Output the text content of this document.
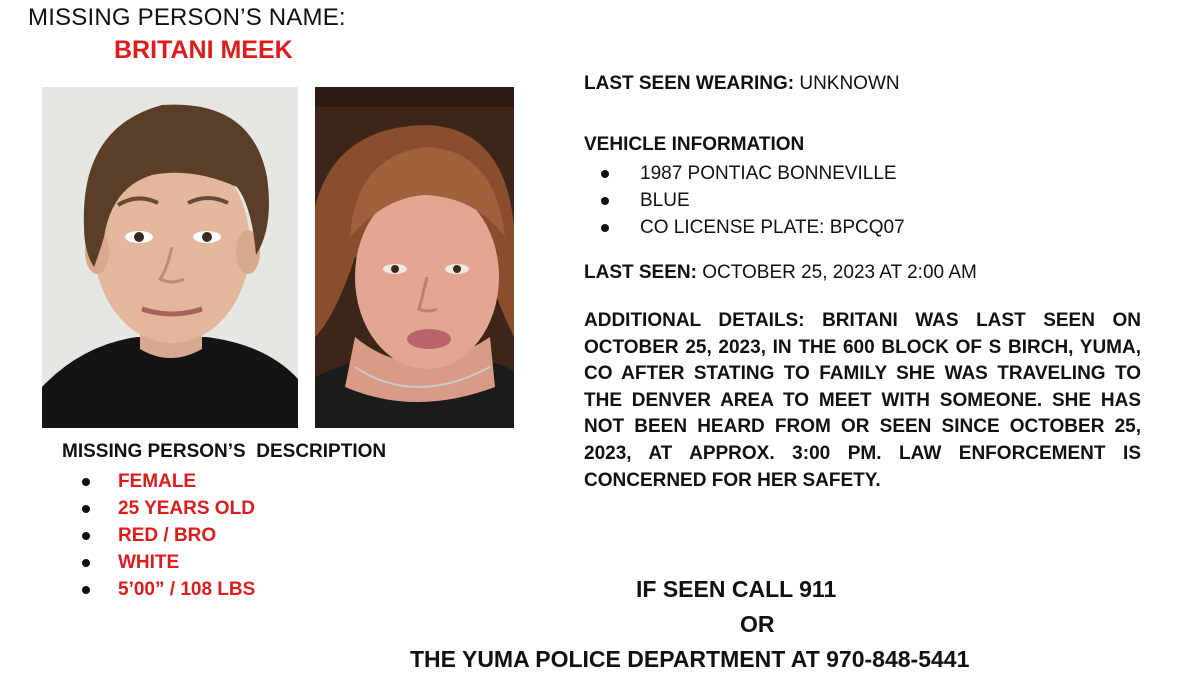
MISSING PERSON’S NAME:
BRITANI MEEK
MISSING PERSON’S  DESCRIPTION
FEMALE
25 YEARS OLD
RED / BRO
WHITE
5’00” / 108 LBS
LAST SEEN WEARING: UNKNOWN
VEHICLE INFORMATION
1987 PONTIAC BONNEVILLE
BLUE
CO LICENSE PLATE: BPCQ07
LAST SEEN: OCTOBER 25, 2023 AT 2:00 AM
ADDITIONAL DETAILS: BRITANI WAS LAST SEEN ON OCTOBER 25, 2023, IN THE 600 BLOCK OF S BIRCH, YUMA, CO AFTER STATING TO FAMILY SHE WAS TRAVELING TO THE DENVER AREA TO MEET WITH SOMEONE. SHE HAS NOT BEEN HEARD FROM OR SEEN SINCE OCTOBER 25, 2023, AT APPROX. 3:00 PM. LAW ENFORCEMENT IS CONCERNED FOR HER SAFETY.
IF SEEN CALL 911
OR
THE YUMA POLICE DEPARTMENT AT 970-848-5441
